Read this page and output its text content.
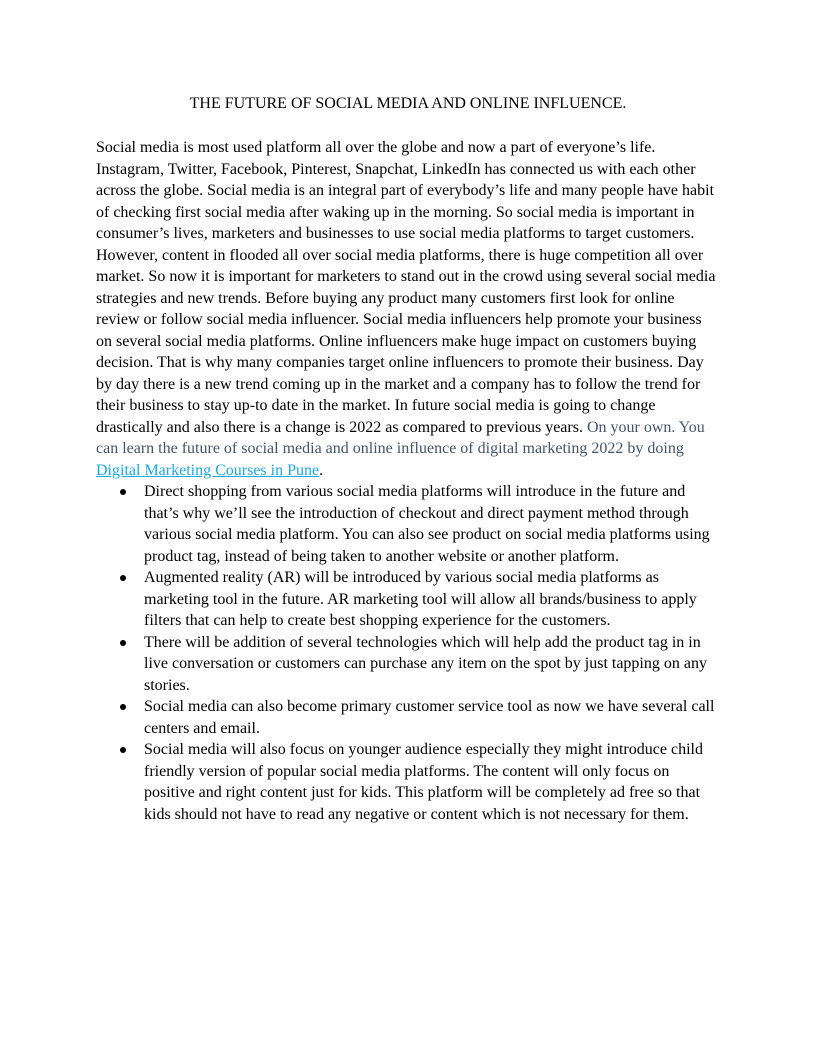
THE FUTURE OF SOCIAL MEDIA AND ONLINE INFLUENCE.

Social media is most used platform all over the globe and now a part of everyone’s life. Instagram, Twitter, Facebook, Pinterest, Snapchat, LinkedIn has connected us with each other across the globe. Social media is an integral part of everybody’s life and many people have habit of checking first social media after waking up in the morning. So social media is important in consumer’s lives, marketers and businesses to use social media platforms to target customers. However, content in flooded all over social media platforms, there is huge competition all over market. So now it is important for marketers to stand out in the crowd using several social media strategies and new trends. Before buying any product many customers first look for online review or follow social media influencer. Social media influencers help promote your business on several social media platforms. Online influencers make huge impact on customers buying decision. That is why many companies target online influencers to promote their business. Day by day there is a new trend coming up in the market and a company has to follow the trend for their business to stay up-to date in the market. In future social media is going to change drastically and also there is a change is 2022 as compared to previous years. On your own. You can learn the future of social media and online influence of digital marketing 2022 by doing Digital Marketing Courses in Pune.

Direct shopping from various social media platforms will introduce in the future and that’s why we’ll see the introduction of checkout and direct payment method through various social media platform. You can also see product on social media platforms using product tag, instead of being taken to another website or another platform.
Augmented reality (AR) will be introduced by various social media platforms as marketing tool in the future. AR marketing tool will allow all brands/business to apply filters that can help to create best shopping experience for the customers.
There will be addition of several technologies which will help add the product tag in in live conversation or customers can purchase any item on the spot by just tapping on any stories.
Social media can also become primary customer service tool as now we have several call centers and email.
Social media will also focus on younger audience especially they might introduce child friendly version of popular social media platforms. The content will only focus on positive and right content just for kids. This platform will be completely ad free so that kids should not have to read any negative or content which is not necessary for them.
